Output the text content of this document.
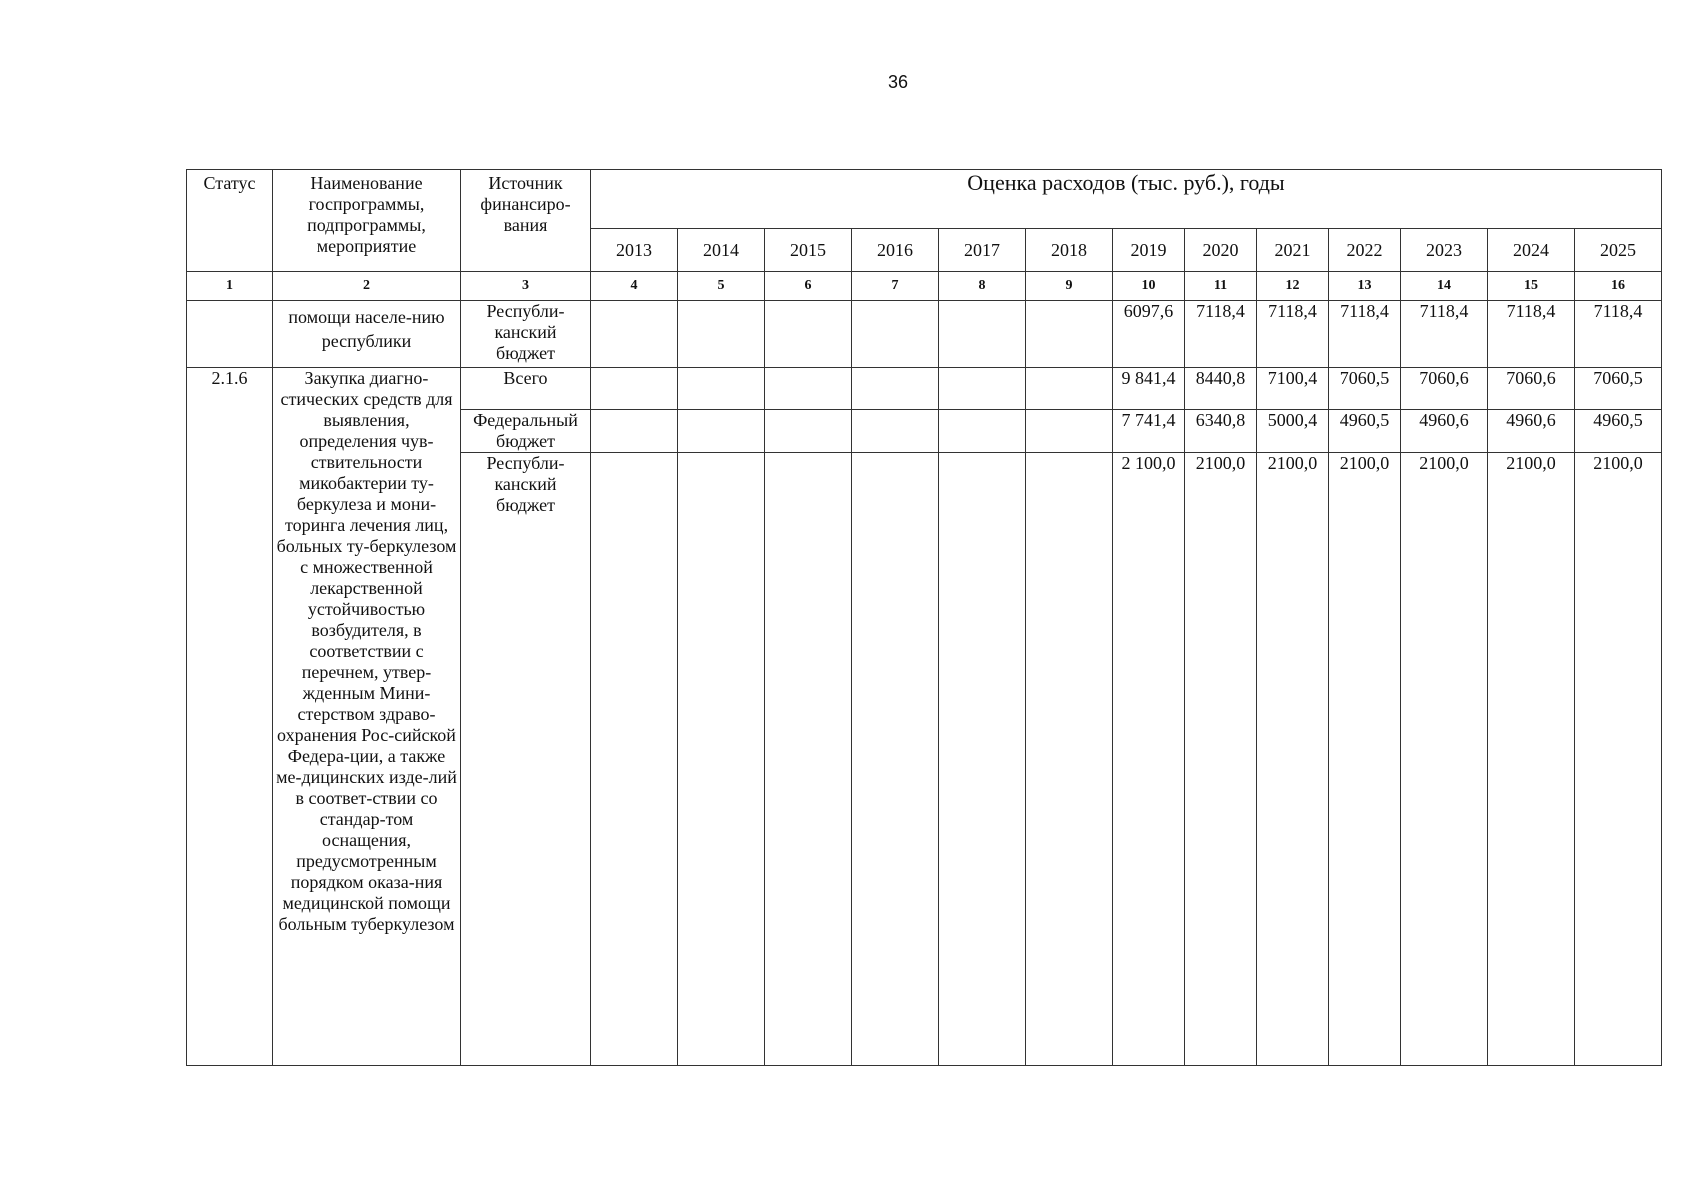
36
Статус	Наименование госпрограммы, подпрограммы, мероприятие	Источник финансиро-вания	Оценка расходов (тыс. руб.), годы												
			2013	2014	2015	2016	2017	2018	2019	2020	2021	2022	2023	2024	2025
1	2	3	4	5	6	7	8	9	10	11	12	13	14	15	16
	помощи населе-нию республики	Республи-канский бюджет							6097,6	7118,4	7118,4	7118,4	7118,4	7118,4	7118,4
2.1.6	Закупка диагно-стических средств для выявления, определения чув-ствительности микобактерии ту-беркулеза и мони-торинга лечения лиц, больных ту-беркулезом с множественной лекарственной устойчивостью возбудителя, в соответствии с перечнем, утвер-жденным Мини-стерством здраво-охранения Рос-сийской Федера-ции, а также ме-дицинских изде-лий в соответ-ствии со стандар-том оснащения, предусмотренным порядком оказа-ния медицинской помощи больным туберкулезом	Всего							9 841,4	8440,8	7100,4	7060,5	7060,6	7060,6	7060,5
		Федеральный бюджет							7 741,4	6340,8	5000,4	4960,5	4960,6	4960,6	4960,5
		Республи-канский бюджет							2 100,0	2100,0	2100,0	2100,0	2100,0	2100,0	2100,0
